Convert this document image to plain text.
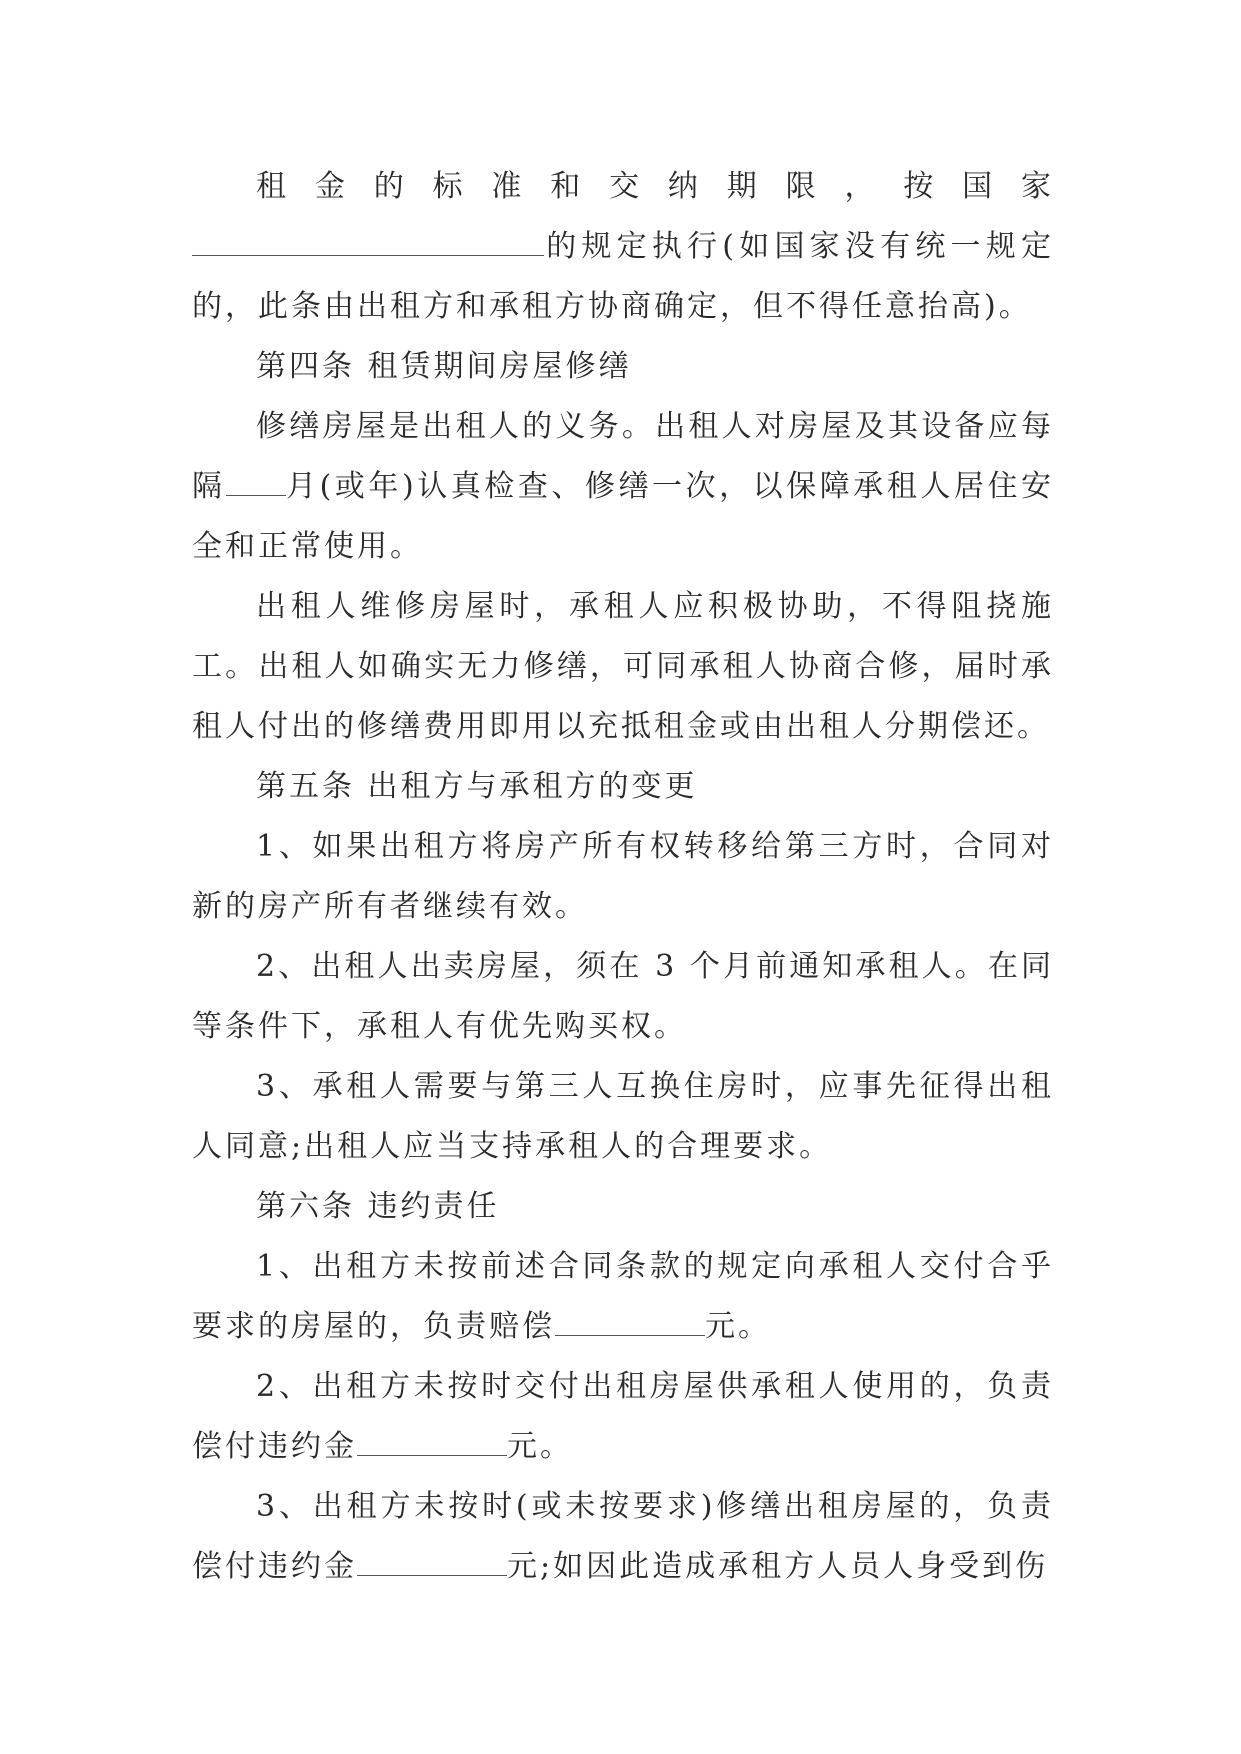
租金的标准和交纳期限，按国家的规定执行(如国家没有统一规定的，此条由出租方和承租方协商确定，但不得任意抬高)。

第四条 租赁期间房屋修缮

修缮房屋是出租人的义务。出租人对房屋及其设备应每隔 月(或年)认真检查、修缮一次，以保障承租人居住安全和正常使用。

出租人维修房屋时，承租人应积极协助，不得阻挠施工。出租人如确实无力修缮，可同承租人协商合修，届时承租人付出的修缮费用即用以充抵租金或由出租人分期偿还。

第五条 出租方与承租方的变更

1、如果出租方将房产所有权转移给第三方时，合同对新的房产所有者继续有效。

2、出租人出卖房屋，须在 3 个月前通知承租人。在同等条件下，承租人有优先购买权。

3、承租人需要与第三人互换住房时，应事先征得出租人同意;出租人应当支持承租人的合理要求。

第六条 违约责任

1、出租方未按前述合同条款的规定向承租人交付合乎要求的房屋的，负责赔偿	元。

2、出租方未按时交付出租房屋供承租人使用的，负责偿付违约金	元。

3、出租方未按时(或未按要求)修缮出租房屋的，负责偿付违约金	元;如因此造成承租方人员人身受到伤
